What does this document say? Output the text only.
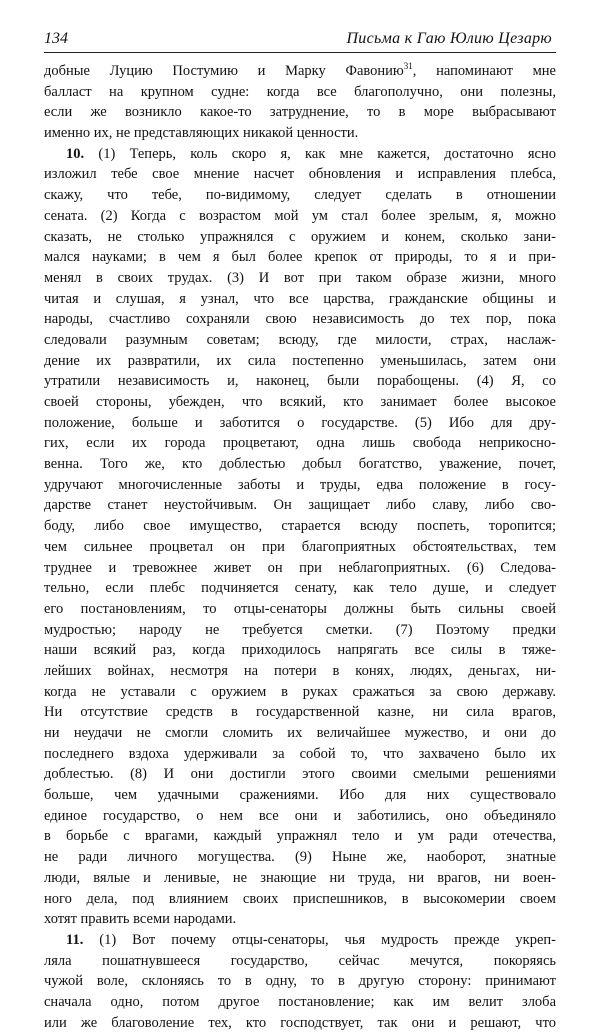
134	Письма к Гаю Юлию Цезарю
добные Луцию Постумию и Марку Фавонию$^{31}$, напоминают мне
балласт на крупном судне: когда все благополучно, они полезны,
если же возникло какое-то затруднение, то в море выбрасывают
именно их, не представляющих никакой ценности.
10. (1) Теперь, коль скоро я, как мне кажется, достаточно ясно
изложил тебе свое мнение насчет обновления и исправления плебса,
скажу, что тебе, по-видимому, следует сделать в отношении
сената. (2) Когда с возрастом мой ум стал более зрелым, я, можно
сказать, не столько упражнялся с оружием и конем, сколько зани-
мался науками; в чем я был более крепок от природы, то я и при-
менял в своих трудах. (3) И вот при таком образе жизни, много
читая и слушая, я узнал, что все царства, гражданские общины и
народы, счастливо сохраняли свою независимость до тех пор, пока
следовали разумным советам; всюду, где милости, страх, наслаж-
дение их развратили, их сила постепенно уменьшилась, затем они
утратили независимость и, наконец, были порабощены. (4) Я, со
своей стороны, убежден, что всякий, кто занимает более высокое
положение, больше и заботится о государстве. (5) Ибо для дру-
гих, если их города процветают, одна лишь свобода неприкосно-
венна. Того же, кто доблестью добыл богатство, уважение, почет,
удручают многочисленные заботы и труды, едва положение в госу-
дарстве станет неустойчивым. Он защищает либо славу, либо сво-
боду, либо свое имущество, старается всюду поспеть, торопится;
чем сильнее процветал он при благоприятных обстоятельствах, тем
труднее и тревожнее живет он при неблагоприятных. (6) Следова-
тельно, если плебс подчиняется сенату, как тело душе, и следует
его постановлениям, то отцы-сенаторы должны быть сильны своей
мудростью; народу не требуется сметки. (7) Поэтому предки
наши всякий раз, когда приходилось напрягать все силы в тяже-
лейших войнах, несмотря на потери в конях, людях, деньгах, ни-
когда не уставали с оружием в руках сражаться за свою державу.
Ни отсутствие средств в государственной казне, ни сила врагов,
ни неудачи не смогли сломить их величайшее мужество, и они до
последнего вздоха удерживали за собой то, что захвачено было их
доблестью. (8) И они достигли этого своими смелыми решениями
больше, чем удачными сражениями. Ибо для них существовало
единое государство, о нем все они и заботились, оно объединяло
в борьбе с врагами, каждый упражнял тело и ум ради отечества,
не ради личного могущества. (9) Ныне же, наоборот, знатные
люди, вялые и ленивые, не знающие ни труда, ни врагов, ни воен-
ного дела, под влиянием своих приспешников, в высокомерии своем
хотят править всеми народами.
11. (1) Вот почему отцы-сенаторы, чья мудрость прежде укреп-
ляла пошатнувшееся государство, сейчас мечутся, покоряясь
чужой воле, склоняясь то в одну, то в другую сторону: принимают
сначала одно, потом другое постановление; как им велит злоба
или же благоволение тех, кто господствует, так они и решают, что
